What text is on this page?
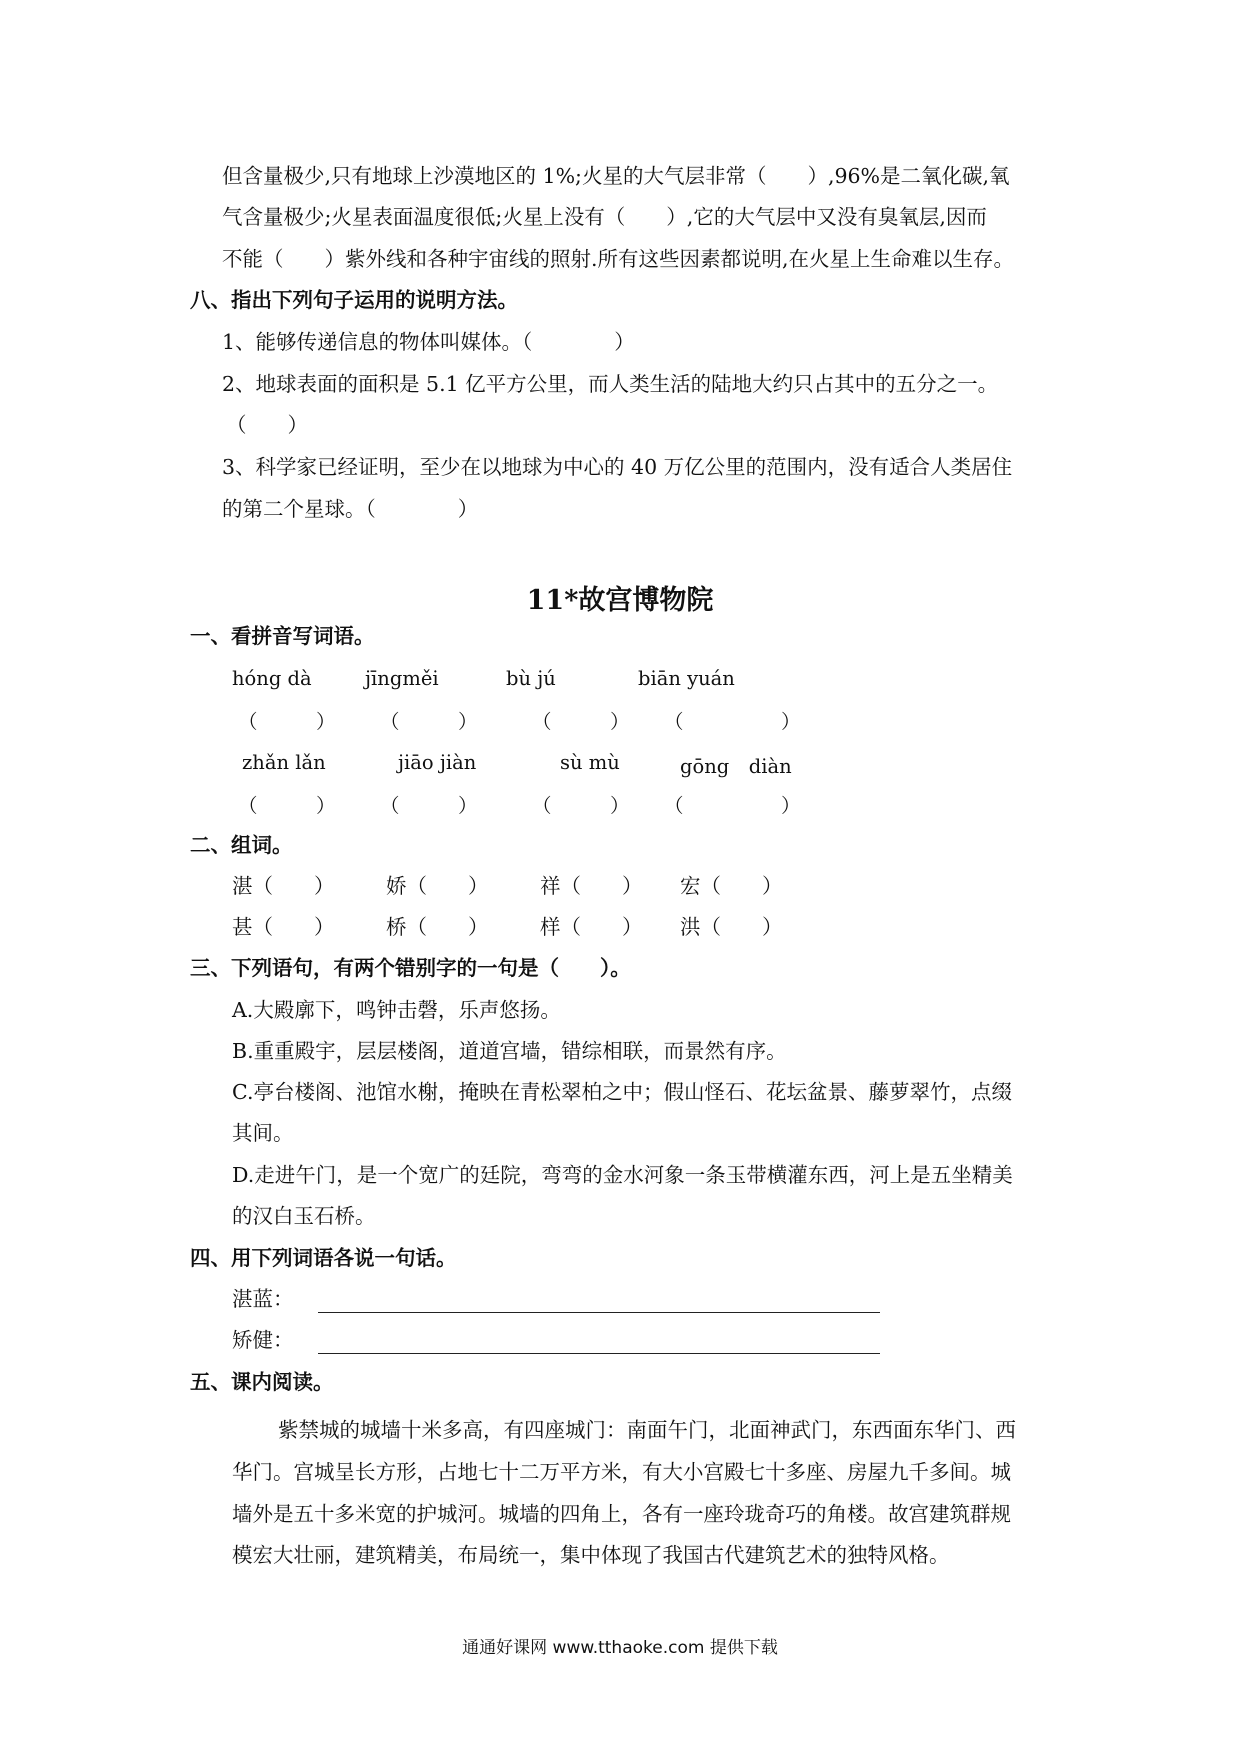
但含量极少,只有地球上沙漠地区的 1%;火星的大气层非常（　　）,96%是二氧化碳,氧
气含量极少;火星表面温度很低;火星上没有（　　）,它的大气层中又没有臭氧层,因而
不能（　　）紫外线和各种宇宙线的照射.所有这些因素都说明,在火星上生命难以生存。
八、指出下列句子运用的说明方法。
1、能够传递信息的物体叫媒体。（　　　　）
2、地球表面的面积是 5.1 亿平方公里，而人类生活的陆地大约只占其中的五分之一。
（　　）
3、科学家已经证明，至少在以地球为中心的 40 万亿公里的范围内，没有适合人类居住
的第二个星球。（　　　　）
11*故宫博物院
一、看拼音写词语。
hóng dà	jīngměi	bù jú	biān yuán
（　　　） （　　　）	（　　　） （　　　　　）
zhǎn lǎn	jiāo jiàn	sù mù	gōng　diàn
（　　　） （　　　）	（　　　） （　　　　　）
二、组词。
湛（　　）	娇（　　）	祥（　　） 宏（　　）
甚（　　）	桥（　　）	样（　　） 洪（　　）
三、下列语句，有两个错别字的一句是（　　）。
A.大殿廓下，鸣钟击磬，乐声悠扬。
B.重重殿宇，层层楼阁，道道宫墙，错综相联，而景然有序。
C.亭台楼阁、池馆水榭，掩映在青松翠柏之中；假山怪石、花坛盆景、藤萝翠竹，点缀
其间。
D.走进午门，是一个宽广的廷院，弯弯的金水河象一条玉带横灌东西，河上是五坐精美
的汉白玉石桥。
四、用下列词语各说一句话。
湛蓝：
矫健：
五、课内阅读。
紫禁城的城墙十米多高，有四座城门：南面午门，北面神武门，东西面东华门、西
华门。宫城呈长方形，占地七十二万平方米，有大小宫殿七十多座、房屋九千多间。城
墙外是五十多米宽的护城河。城墙的四角上，各有一座玲珑奇巧的角楼。故宫建筑群规
模宏大壮丽，建筑精美，布局统一，集中体现了我国古代建筑艺术的独特风格。
通通好课网 www.tthaoke.com 提供下载
